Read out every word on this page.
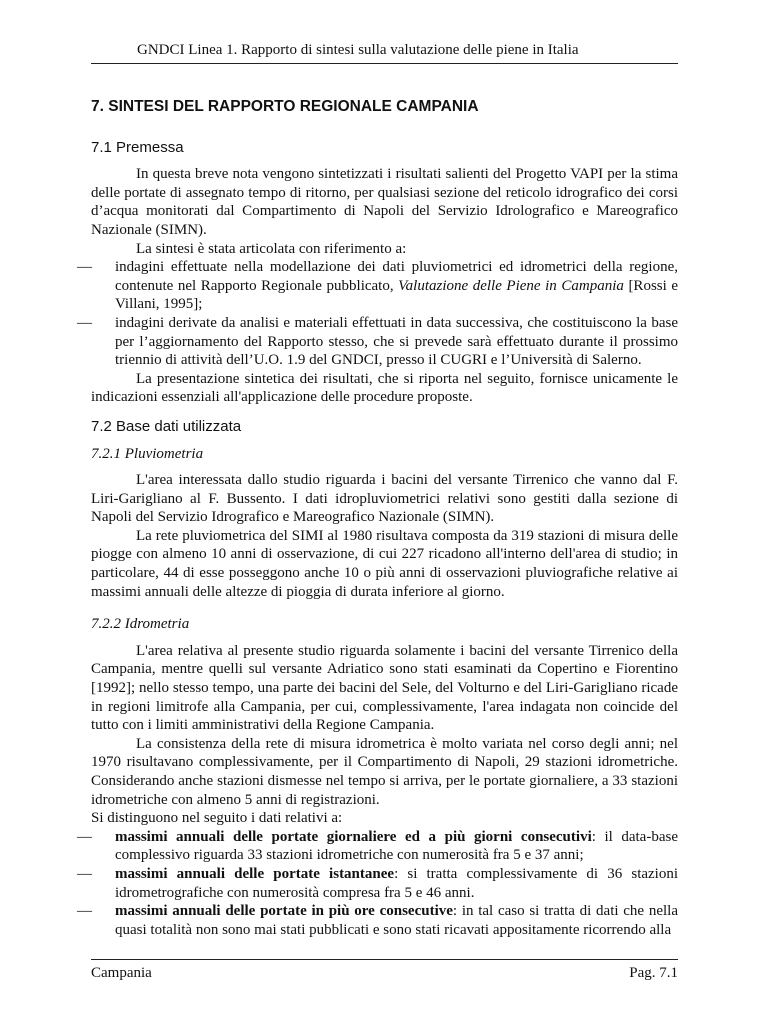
GNDCI Linea 1. Rapporto di sintesi sulla valutazione delle piene in Italia
7. SINTESI DEL RAPPORTO REGIONALE CAMPANIA
7.1 Premessa

In questa breve nota vengono sintetizzati i risultati salienti del Progetto VAPI per la stima delle portate di assegnato tempo di ritorno, per qualsiasi sezione del reticolo idrografico dei corsi d’acqua monitorati dal Compartimento di Napoli del Servizio Idrolografico e Mareografico Nazionale (SIMN).

La sintesi è stata articolata con riferimento a:

— indagini effettuate nella modellazione dei dati pluviometrici ed idrometrici della regione, contenute nel Rapporto Regionale pubblicato, Valutazione delle Piene in Campania [Rossi e Villani, 1995];
— indagini derivate da analisi e materiali effettuati in data successiva, che costituiscono la base per l’aggiornamento del Rapporto stesso, che si prevede sarà effettuato durante il prossimo triennio di attività dell’U.O. 1.9 del GNDCI, presso il CUGRI e l’Università di Salerno.

La presentazione sintetica dei risultati, che si riporta nel seguito, fornisce unicamente le indicazioni essenziali all'applicazione delle procedure proposte.

7.2 Base dati utilizzata
7.2.1 Pluviometria

L'area interessata dallo studio riguarda i bacini del versante Tirrenico che vanno dal F. Liri-Garigliano al F. Bussento. I dati idropluviometrici relativi sono gestiti dalla sezione di Napoli del Servizio Idrografico e Mareografico Nazionale (SIMN).

La rete pluviometrica del SIMI al 1980 risultava composta da 319 stazioni di misura delle piogge con almeno 10 anni di osservazione, di cui 227 ricadono all'interno dell'area di studio; in particolare, 44 di esse posseggono anche 10 o più anni di osservazioni pluviografiche relative ai massimi annuali delle altezze di pioggia di durata inferiore al giorno.

7.2.2 Idrometria

L'area relativa al presente studio riguarda solamente i bacini del versante Tirrenico della Campania, mentre quelli sul versante Adriatico sono stati esaminati da Copertino e Fiorentino [1992]; nello stesso tempo, una parte dei bacini del Sele, del Volturno e del Liri-Garigliano ricade in regioni limitrofe alla Campania, per cui, complessivamente, l'area indagata non coincide del tutto con i limiti amministrativi della Regione Campania.

La consistenza della rete di misura idrometrica è molto variata nel corso degli anni; nel 1970 risultavano complessivamente, per il Compartimento di Napoli, 29 stazioni idrometriche. Considerando anche stazioni dismesse nel tempo si arriva, per le portate giornaliere, a 33 stazioni idrometriche con almeno 5 anni di registrazioni.

Si distinguono nel seguito i dati relativi a:

— massimi annuali delle portate giornaliere ed a più giorni consecutivi: il data-base complessivo riguarda 33 stazioni idrometriche con numerosità fra 5 e 37 anni;
— massimi annuali delle portate istantanee: si tratta complessivamente di 36 stazioni idrometrografiche con numerosità compresa fra 5 e 46 anni.
— massimi annuali delle portate in più ore consecutive: in tal caso si tratta di dati che nella quasi totalità non sono mai stati pubblicati e sono stati ricavati appositamente ricorrendo alla
Campania	Pag. 7.1
